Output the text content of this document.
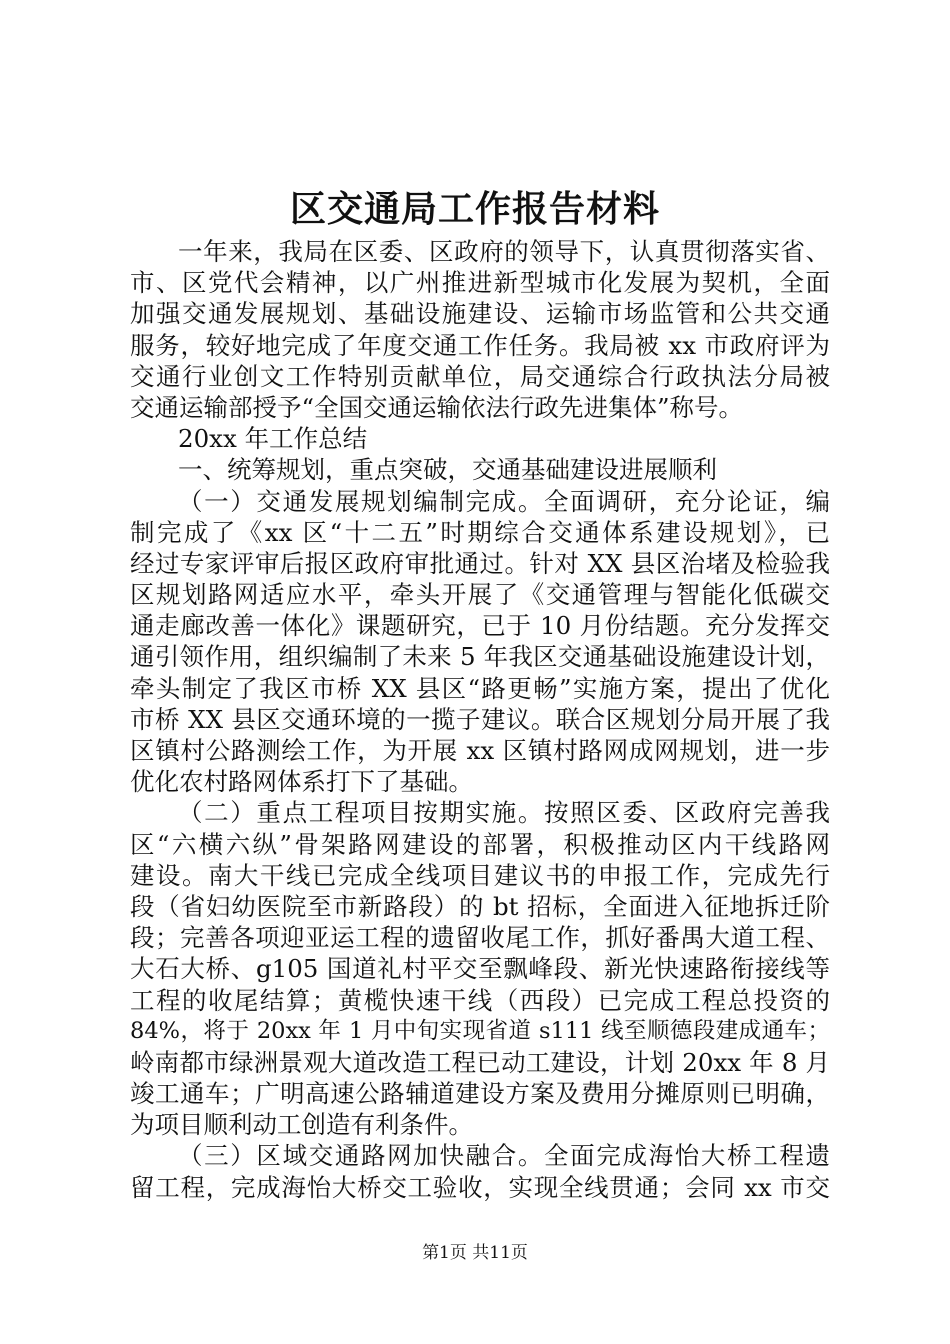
区交通局工作报告材料
一年来，我局在区委、区政府的领导下，认真贯彻落实省、
市、区党代会精神，以广州推进新型城市化发展为契机，全面
加强交通发展规划、基础设施建设、运输市场监管和公共交通
服务，较好地完成了年度交通工作任务。我局被 xx 市政府评为
交通行业创文工作特别贡献单位，局交通综合行政执法分局被
交通运输部授予“全国交通运输依法行政先进集体”称号。
20xx 年工作总结
一、统筹规划，重点突破，交通基础建设进展顺利
（一）交通发展规划编制完成。全面调研，充分论证，编
制完成了《xx 区“十二五”时期综合交通体系建设规划》，已
经过专家评审后报区政府审批通过。针对 XX 县区治堵及检验我
区规划路网适应水平，牵头开展了《交通管理与智能化低碳交
通走廊改善一体化》课题研究，已于 10 月份结题。充分发挥交
通引领作用，组织编制了未来 5 年我区交通基础设施建设计划，
牵头制定了我区市桥 XX 县区“路更畅”实施方案，提出了优化
市桥 XX 县区交通环境的一揽子建议。联合区规划分局开展了我
区镇村公路测绘工作，为开展 xx 区镇村路网成网规划，进一步
优化农村路网体系打下了基础。
（二）重点工程项目按期实施。按照区委、区政府完善我
区“六横六纵”骨架路网建设的部署，积极推动区内干线路网
建设。南大干线已完成全线项目建议书的申报工作，完成先行
段（省妇幼医院至市新路段）的 bt 招标，全面进入征地拆迁阶
段；完善各项迎亚运工程的遗留收尾工作，抓好番禺大道工程、
大石大桥、g105 国道礼村平交至飘峰段、新光快速路衔接线等
工程的收尾结算；黄榄快速干线（西段）已完成工程总投资的
84%，将于 20xx 年 1 月中旬实现省道 s111 线至顺德段建成通车；
岭南都市绿洲景观大道改造工程已动工建设，计划 20xx 年 8 月
竣工通车；广明高速公路辅道建设方案及费用分摊原则已明确，
为项目顺利动工创造有利条件。
（三）区域交通路网加快融合。全面完成海怡大桥工程遗
留工程，完成海怡大桥交工验收，实现全线贯通；会同 xx 市交
第1页 共11页
